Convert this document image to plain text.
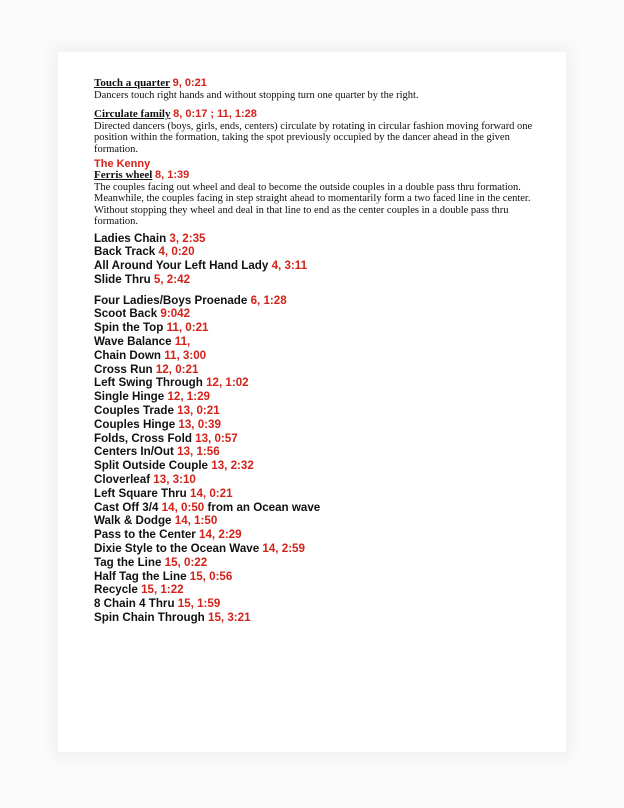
Touch a quarter 9, 0:21

Dancers touch right hands and without stopping turn one quarter by the right.

Circulate family 8, 0:17 ; 11, 1:28

Directed dancers (boys, girls, ends, centers) circulate by rotating in circular fashion moving forward one position within the formation, taking the spot previously occupied by the dancer ahead in the given formation.

The Kenny
Ferris wheel 8, 1:39

The couples facing out wheel and deal to become the outside couples in a double pass thru formation. Meanwhile, the couples facing in step straight ahead to momentarily form a two faced line in the center. Without stopping they wheel and deal in that line to end as the center couples in a double pass thru formation.

Ladies Chain 3, 2:35
Back Track 4, 0:20
All Around Your Left Hand Lady 4, 3:11
Slide Thru 5, 2:42
Four Ladies/Boys Proenade 6, 1:28
Scoot Back 9:042
Spin the Top 11, 0:21
Wave Balance 11,
Chain Down 11, 3:00
Cross Run 12, 0:21
Left Swing Through 12, 1:02
Single Hinge 12, 1:29
Couples Trade 13, 0:21
Couples Hinge 13, 0:39
Folds, Cross Fold 13, 0:57
Centers In/Out 13, 1:56
Split Outside Couple 13, 2:32
Cloverleaf 13, 3:10
Left Square Thru 14, 0:21
Cast Off 3/4 14, 0:50 from an Ocean wave
Walk & Dodge 14, 1:50
Pass to the Center 14, 2:29
Dixie Style to the Ocean Wave 14, 2:59
Tag the Line 15, 0:22
Half Tag the Line 15, 0:56
Recycle 15, 1:22
8 Chain 4 Thru 15, 1:59
Spin Chain Through 15, 3:21
